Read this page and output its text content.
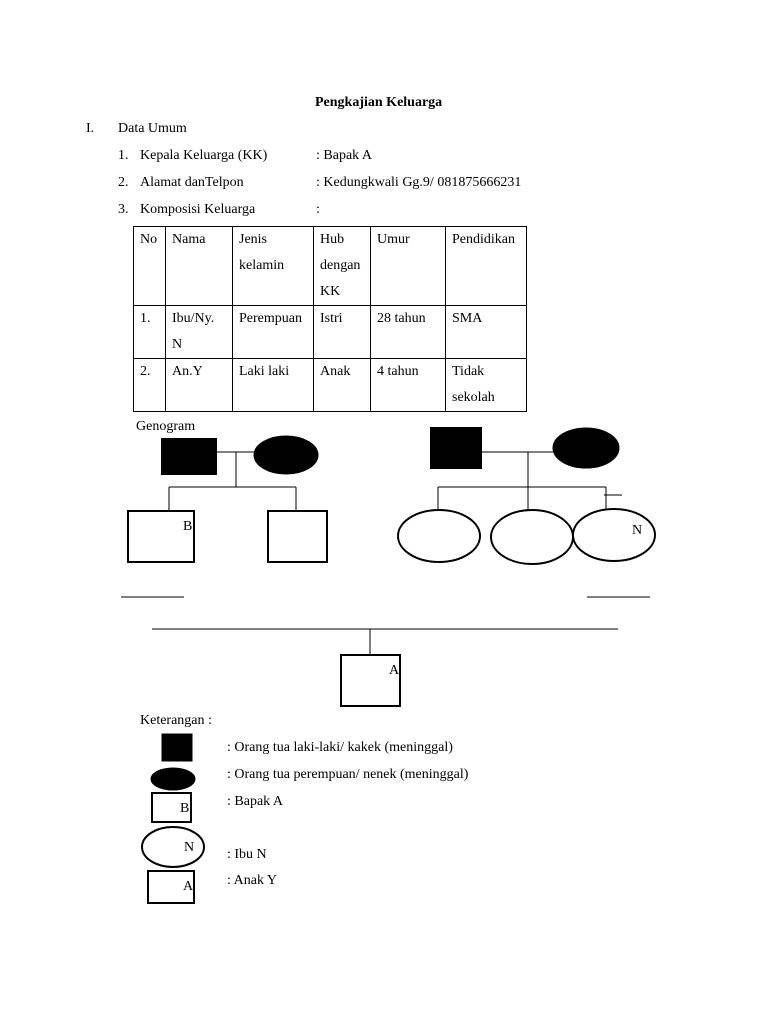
Pengkajian Keluarga
I. Data Umum
1. Kepala Keluarga (KK)	: Bapak A
2. Alamat danTelpon	: Kedungkwali Gg.9/ 081875666231
3. Komposisi Keluarga	:
No	Nama	Jenis kelamin	Hub dengan KK	Umur	Pendidikan
1.	Ibu/Ny. N	Perempuan	Istri	28 tahun	SMA
2.	An.Y	Laki laki	Anak	4 tahun	Tidak sekolah
Genogram
B	N
A
B
N
A
Keterangan :
: Orang tua laki-laki/ kakek (meninggal)
: Orang tua perempuan/ nenek (meninggal)
: Bapak A
: Ibu N
: Anak Y
